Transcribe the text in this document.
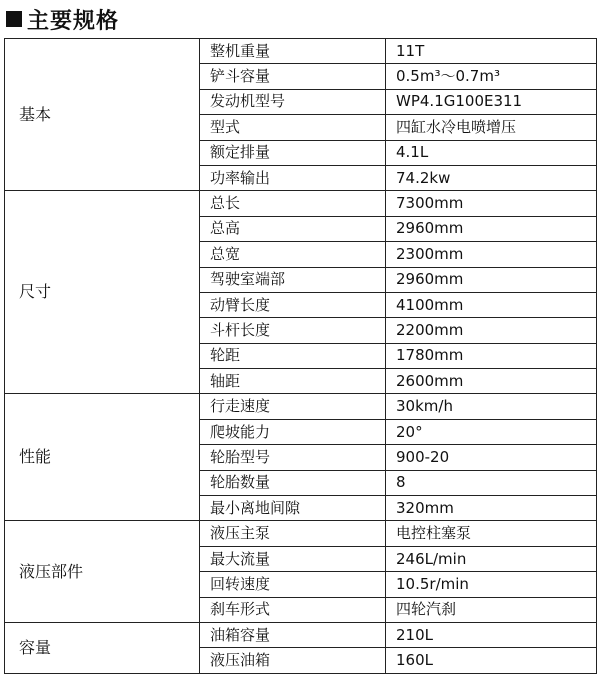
主要规格
基本	整机重量	11T
	铲斗容量	0.5m³～0.7m³
	发动机型号	WP4.1G100E311
	型式	四缸水冷电喷增压
	额定排量	4.1L
	功率输出	74.2kw
尺寸	总长	7300mm
	总高	2960mm
	总宽	2300mm
	驾驶室端部	2960mm
	动臂长度	4100mm
	斗杆长度	2200mm
	轮距	1780mm
	轴距	2600mm
性能	行走速度	30km/h
	爬坡能力	20°
	轮胎型号	900-20
	轮胎数量	8
	最小离地间隙	320mm
液压部件	液压主泵	电控柱塞泵
	最大流量	246L/min
	回转速度	10.5r/min
	刹车形式	四轮汽刹
容量	油箱容量	210L
	液压油箱	160L
